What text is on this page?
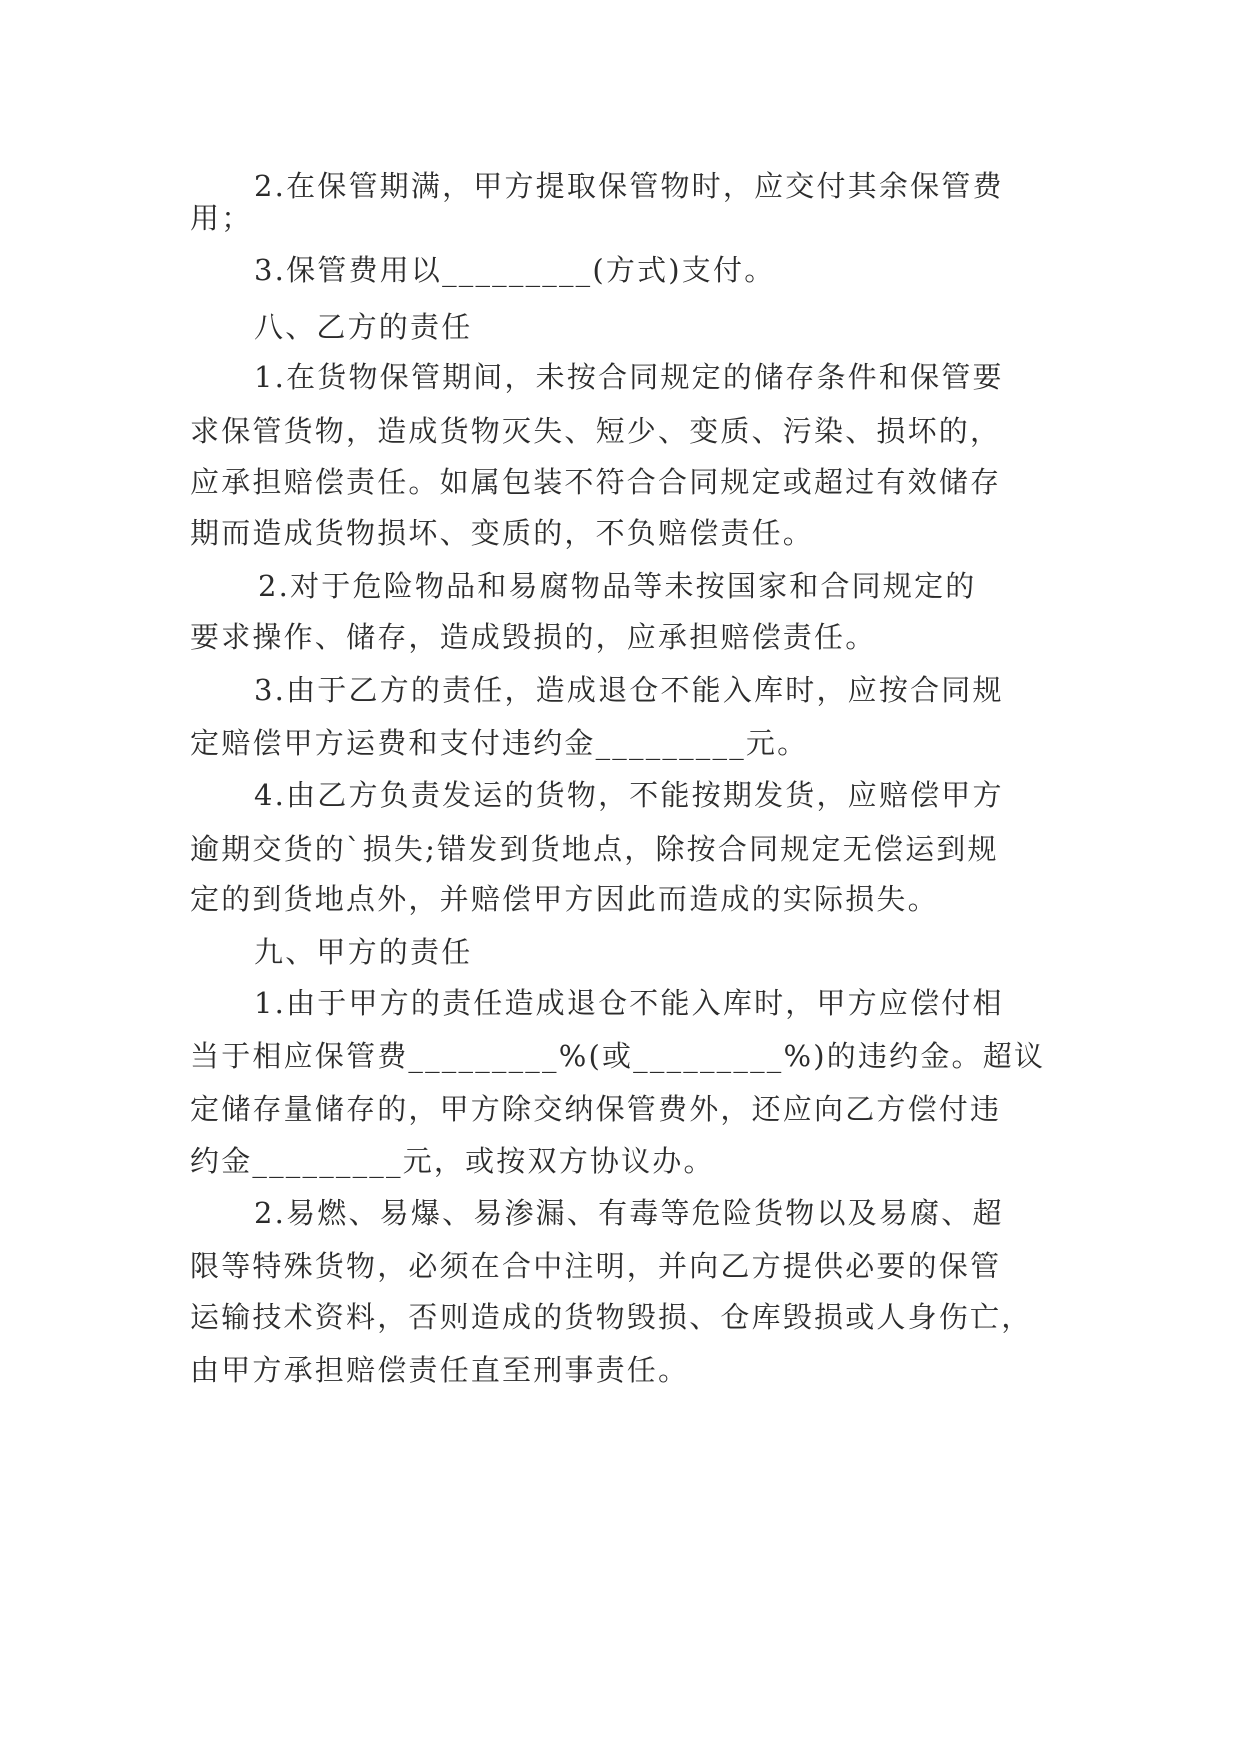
2.在保管期满，甲方提取保管物时，应交付其余保管费
用；
3.保管费用以_________(方式)支付。
八、乙方的责任
1.在货物保管期间，未按合同规定的储存条件和保管要
求保管货物，造成货物灭失、短少、变质、污染、损坏的，
应承担赔偿责任。如属包装不符合合同规定或超过有效储存
期而造成货物损坏、变质的，不负赔偿责任。
2.对于危险物品和易腐物品等未按国家和合同规定的
要求操作、储存，造成毁损的，应承担赔偿责任。
3.由于乙方的责任，造成退仓不能入库时，应按合同规
定赔偿甲方运费和支付违约金_________元。
4.由乙方负责发运的货物，不能按期发货，应赔偿甲方
逾期交货的`损失;错发到货地点，除按合同规定无偿运到规
定的到货地点外，并赔偿甲方因此而造成的实际损失。
九、甲方的责任
1.由于甲方的责任造成退仓不能入库时，甲方应偿付相
当于相应保管费_________%(或_________%)的违约金。超议
定储存量储存的，甲方除交纳保管费外，还应向乙方偿付违
约金_________元，或按双方协议办。
2.易燃、易爆、易渗漏、有毒等危险货物以及易腐、超
限等特殊货物，必须在合中注明，并向乙方提供必要的保管
运输技术资料，否则造成的货物毁损、仓库毁损或人身伤亡，
由甲方承担赔偿责任直至刑事责任。
